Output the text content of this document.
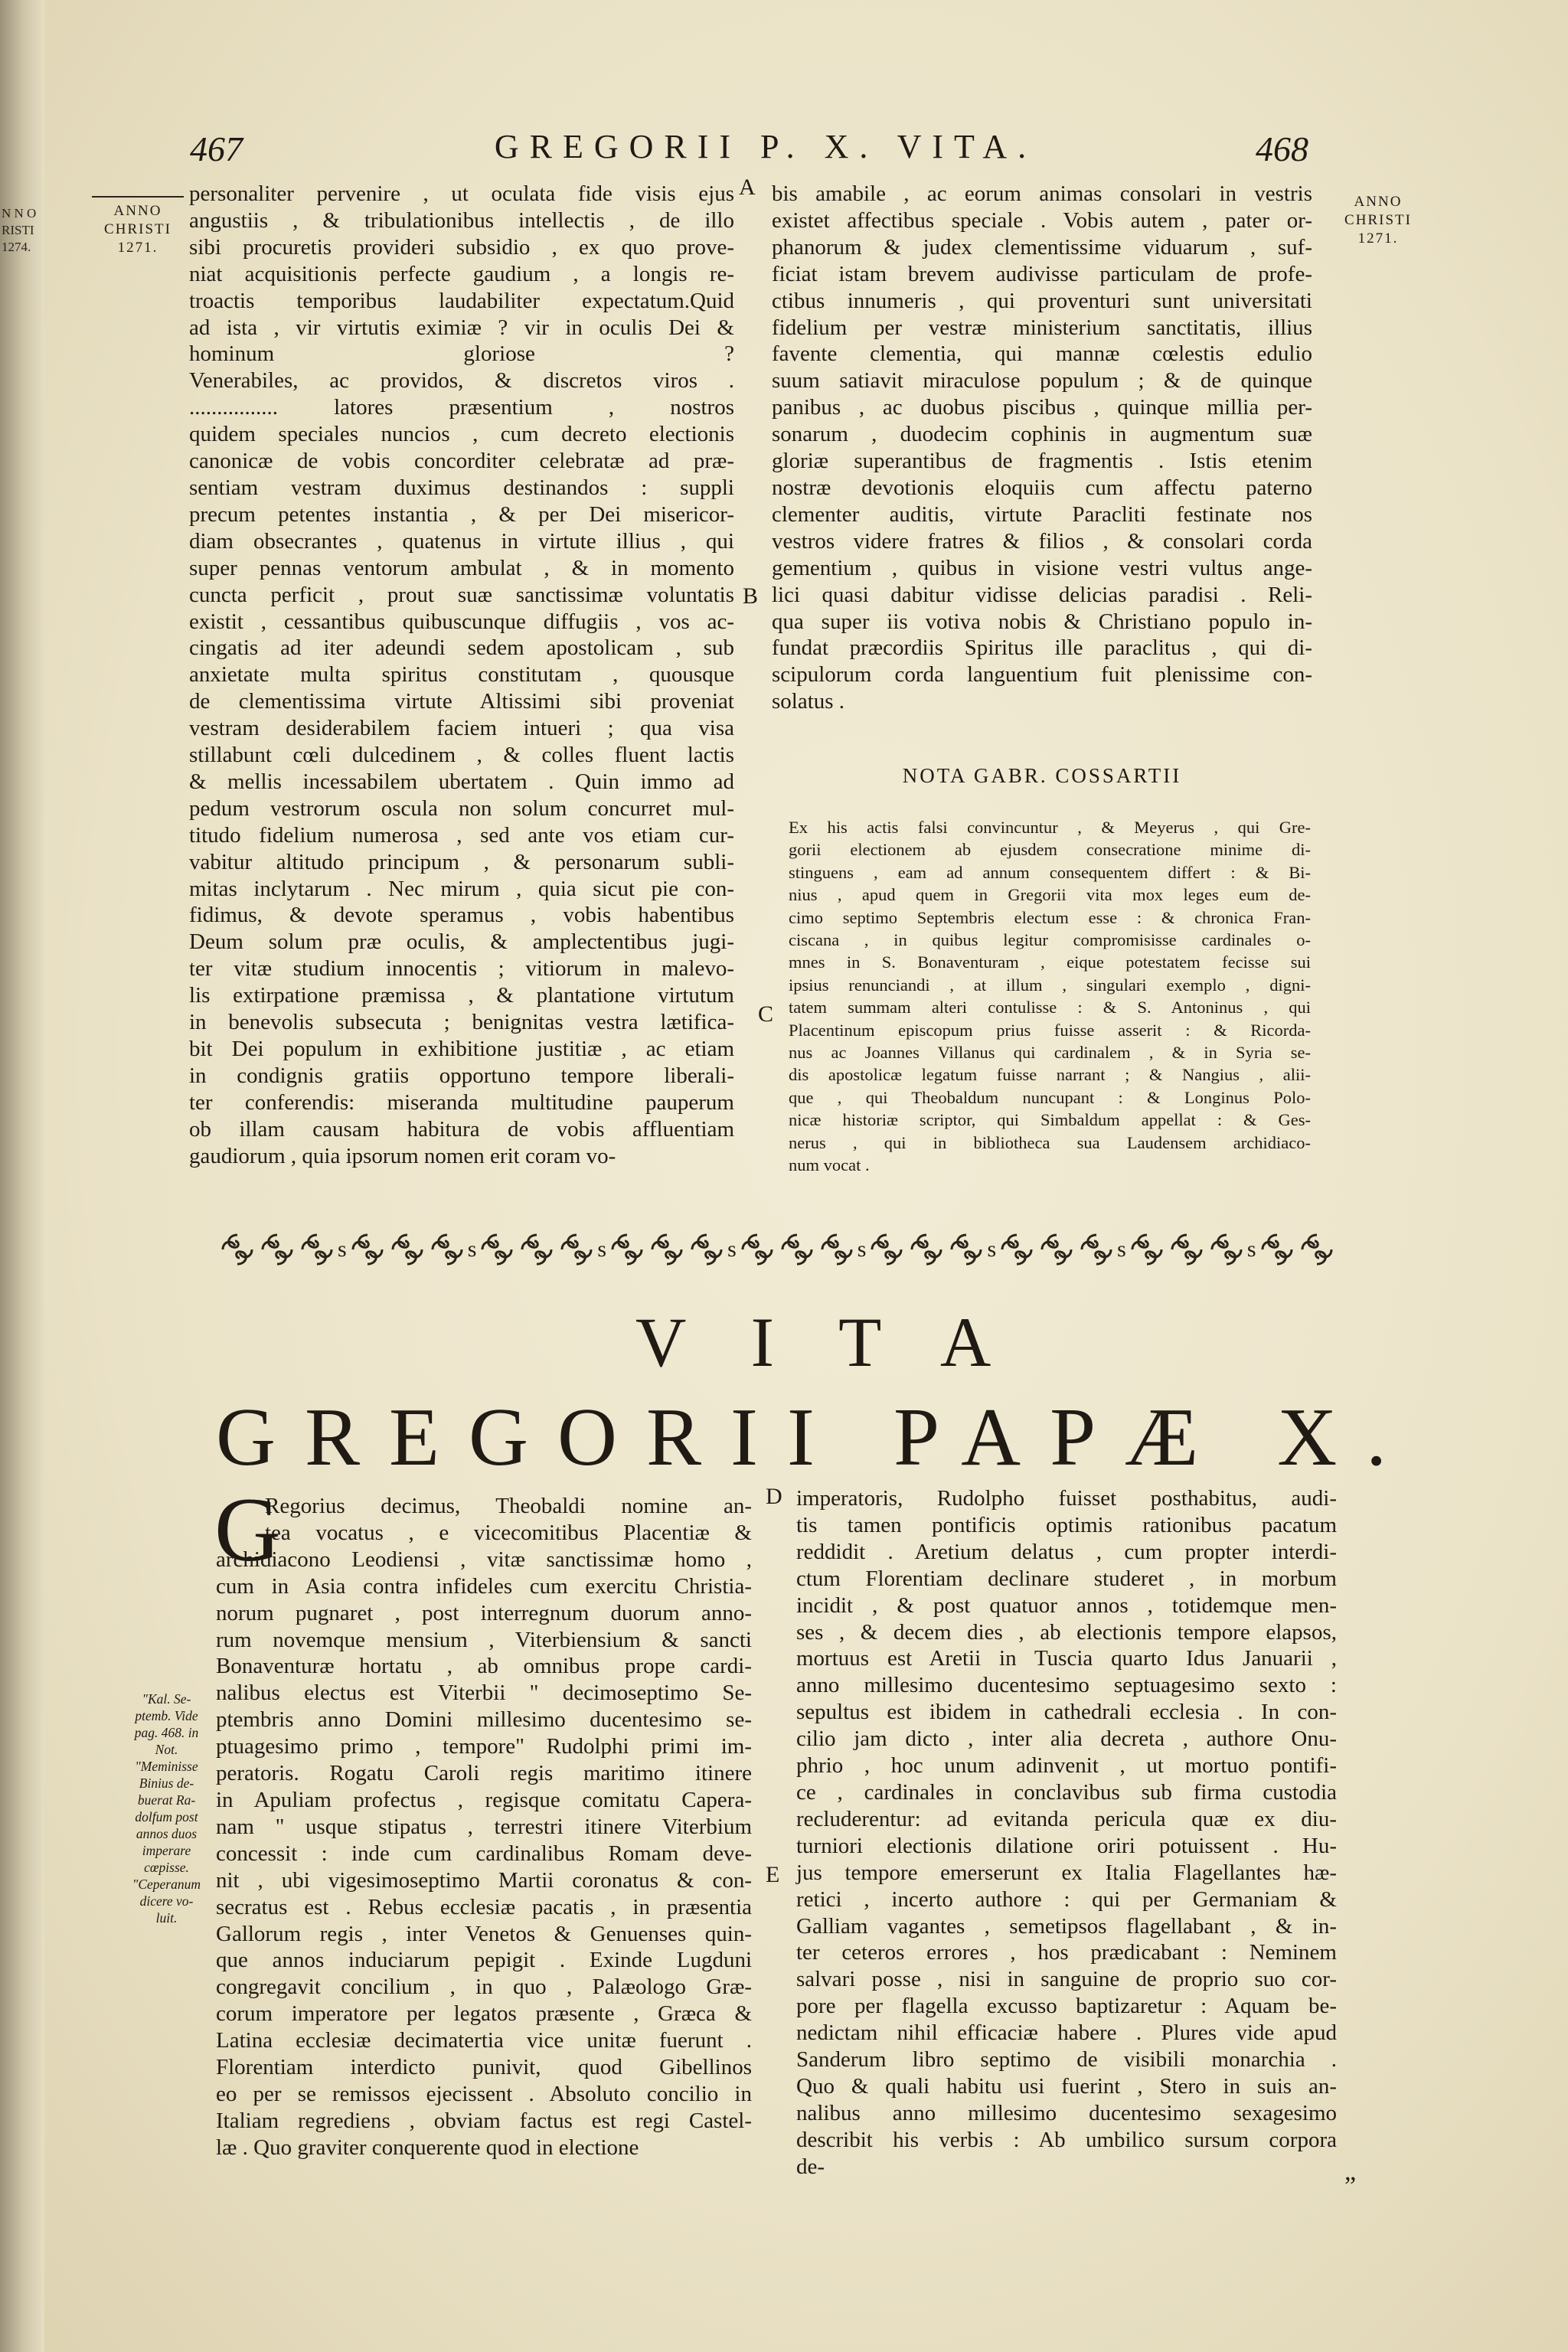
N N O
RISTI
1274.
467	GREGORII P. X. VITA.	468
ANNO
CHRISTI
1271.
ANNO
CHRISTI
1271.
A
B
C
D
E
personaliter pervenire , ut oculata fide visis ejus
angustiis , & tribulationibus intellectis , de illo
sibi procuretis provideri subsidio , ex quo prove-
niat acquisitionis perfecte gaudium , a longis re-
troactis temporibus laudabiliter expectatum.Quid
ad ista , vir virtutis eximiæ ? vir in oculis Dei &
hominum gloriose ?
Venerabiles, ac providos, & discretos viros .
................ latores præsentium , nostros
quidem speciales nuncios , cum decreto electionis
canonicæ de vobis concorditer celebratæ ad præ-
sentiam vestram duximus destinandos : suppli
precum petentes instantia , & per Dei misericor-
diam obsecrantes , quatenus in virtute illius , qui
super pennas ventorum ambulat , & in momento
cuncta perficit , prout suæ sanctissimæ voluntatis
existit , cessantibus quibuscunque diffugiis , vos ac-
cingatis ad iter adeundi sedem apostolicam , sub
anxietate multa spiritus constitutam , quousque
de clementissima virtute Altissimi sibi proveniat
vestram desiderabilem faciem intueri ; qua visa
stillabunt cœli dulcedinem , & colles fluent lactis
& mellis incessabilem ubertatem . Quin immo ad
pedum vestrorum oscula non solum concurret mul-
titudo fidelium numerosa , sed ante vos etiam cur-
vabitur altitudo principum , & personarum subli-
mitas inclytarum . Nec mirum , quia sicut pie con-
fidimus, & devote speramus , vobis habentibus
Deum solum præ oculis, & amplectentibus jugi-
ter vitæ studium innocentis ; vitiorum in malevo-
lis extirpatione præmissa , & plantatione virtutum
in benevolis subsecuta ; benignitas vestra lætifica-
bit Dei populum in exhibitione justitiæ , ac etiam
in condignis gratiis opportuno tempore liberali-
ter conferendis: miseranda multitudine pauperum
ob illam causam habitura de vobis affluentiam
gaudiorum , quia ipsorum nomen erit coram vo-
bis amabile , ac eorum animas consolari in vestris
existet affectibus speciale . Vobis autem , pater or-
phanorum & judex clementissime viduarum , suf-
ficiat istam brevem audivisse particulam de profe-
ctibus innumeris , qui proventuri sunt universitati
fidelium per vestræ ministerium sanctitatis, illius
favente clementia, qui mannæ cœlestis edulio
suum satiavit miraculose populum ; & de quinque
panibus , ac duobus piscibus , quinque millia per-
sonarum , duodecim cophinis in augmentum suæ
gloriæ superantibus de fragmentis . Istis etenim
nostræ devotionis eloquiis cum affectu paterno
clementer auditis, virtute Paracliti festinate nos
vestros videre fratres & filios , & consolari corda
gementium , quibus in visione vestri vultus ange-
lici quasi dabitur vidisse delicias paradisi . Reli-
qua super iis votiva nobis & Christiano populo in-
fundat præcordiis Spiritus ille paraclitus , qui di-
scipulorum corda languentium fuit plenissime con-
solatus .
NOTA GABR. COSSARTII
Ex his actis falsi convincuntur , & Meyerus , qui Gre-
gorii electionem ab ejusdem consecratione minime di-
stinguens , eam ad annum consequentem differt : & Bi-
nius , apud quem in Gregorii vita mox leges eum de-
cimo septimo Septembris electum esse : & chronica Fran-
ciscana , in quibus legitur compromisisse cardinales o-
mnes in S. Bonaventuram , eique potestatem fecisse sui
ipsius renunciandi , at illum , singulari exemplo , digni-
tatem summam alteri contulisse : & S. Antoninus , qui
Placentinum episcopum prius fuisse asserit : & Ricorda-
nus ac Joannes Villanus qui cardinalem , & in Syria se-
dis apostolicæ legatum fuisse narrant ; & Nangius , alii-
que , qui Theobaldum nuncupant : & Longinus Polo-
nicæ historiæ scriptor, qui Simbaldum appellat : & Ges-
nerus , qui in bibliotheca sua Laudensem archidiaco-
num vocat .
s	s	s	s	s	s	s	s
VITA
GREGORII PAPÆ X.
G
Regorius decimus, Theobaldi nomine an-
tea vocatus , e vicecomitibus Placentiæ &
archidiacono Leodiensi , vitæ sanctissimæ homo ,
cum in Asia contra infideles cum exercitu Christia-
norum pugnaret , post interregnum duorum anno-
rum novemque mensium , Viterbiensium & sancti
Bonaventuræ hortatu , ab omnibus prope cardi-
nalibus electus est Viterbii " decimoseptimo Se-
ptembris anno Domini millesimo ducentesimo se-
ptuagesimo primo , tempore" Rudolphi primi im-
peratoris. Rogatu Caroli regis maritimo itinere
in Apuliam profectus , regisque comitatu Capera-
nam " usque stipatus , terrestri itinere Viterbium
concessit : inde cum cardinalibus Romam deve-
nit , ubi vigesimoseptimo Martii coronatus & con-
secratus est . Rebus ecclesiæ pacatis , in præsentia
Gallorum regis , inter Venetos & Genuenses quin-
que annos induciarum pepigit . Exinde Lugduni
congregavit concilium , in quo , Palæologo Græ-
corum imperatore per legatos præsente , Græca &
Latina ecclesiæ decimatertia vice unitæ fuerunt .
Florentiam interdicto punivit, quod Gibellinos
eo per se remissos ejecissent . Absoluto concilio in
Italiam regrediens , obviam factus est regi Castel-
læ . Quo graviter conquerente quod in electione
"Kal. Se-
ptemb. Vide
pag. 468. in
Not.
"Meminisse
Binius de-
buerat Ra-
dolfum post
annos duos
imperare
cœpisse.
"Ceperanum
dicere vo-
luit.
imperatoris, Rudolpho fuisset posthabitus, audi-
tis tamen pontificis optimis rationibus pacatum
reddidit . Aretium delatus , cum propter interdi-
ctum Florentiam declinare studeret , in morbum
incidit , & post quatuor annos , totidemque men-
ses , & decem dies , ab electionis tempore elapsos,
mortuus est Aretii in Tuscia quarto Idus Januarii ,
anno millesimo ducentesimo septuagesimo sexto :
sepultus est ibidem in cathedrali ecclesia . In con-
cilio jam dicto , inter alia decreta , authore Onu-
phrio , hoc unum adinvenit , ut mortuo pontifi-
ce , cardinales in conclavibus sub firma custodia
recluderentur: ad evitanda pericula quæ ex diu-
turniori electionis dilatione oriri potuissent . Hu-
jus tempore emerserunt ex Italia Flagellantes hæ-
retici , incerto authore : qui per Germaniam &
Galliam vagantes , semetipsos flagellabant , & in-
ter ceteros errores , hos prædicabant : Neminem
salvari posse , nisi in sanguine de proprio suo cor-
pore per flagella excusso baptizaretur : Aquam be-
nedictam nihil efficaciæ habere . Plures vide apud
Sanderum libro septimo de visibili monarchia .
Quo & quali habitu usi fuerint , Stero in suis an-
nalibus anno millesimo ducentesimo sexagesimo
describit his verbis : Ab umbilico sursum corpora
de-	„
